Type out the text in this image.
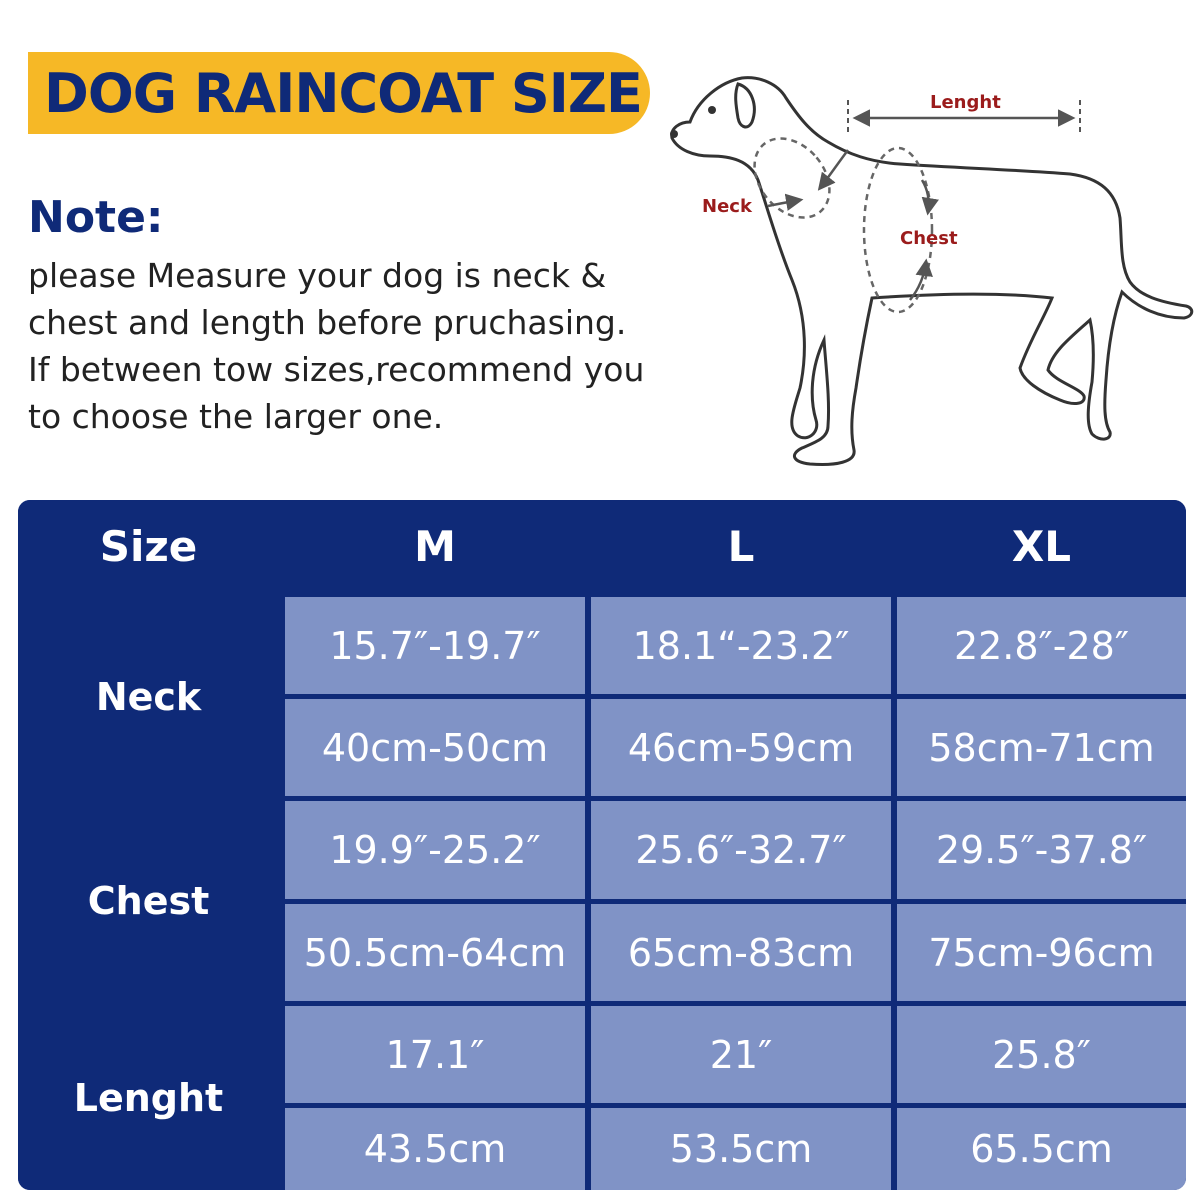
DOG RAINCOAT SIZE
Note:
please Measure your dog is neck &
chest and length before pruchasing.
If between tow sizes,recommend you
to choose the larger one.
Lenght
Neck
Chest
Size	M	L	XL
Neck
15.7″-19.7″	18.1“-23.2″	22.8″-28″
40cm-50cm	46cm-59cm	58cm-71cm
Chest
19.9″-25.2″	25.6″-32.7″	29.5″-37.8″
50.5cm-64cm	65cm-83cm	75cm-96cm
Lenght
17.1″	21″	25.8″
43.5cm	53.5cm	65.5cm
